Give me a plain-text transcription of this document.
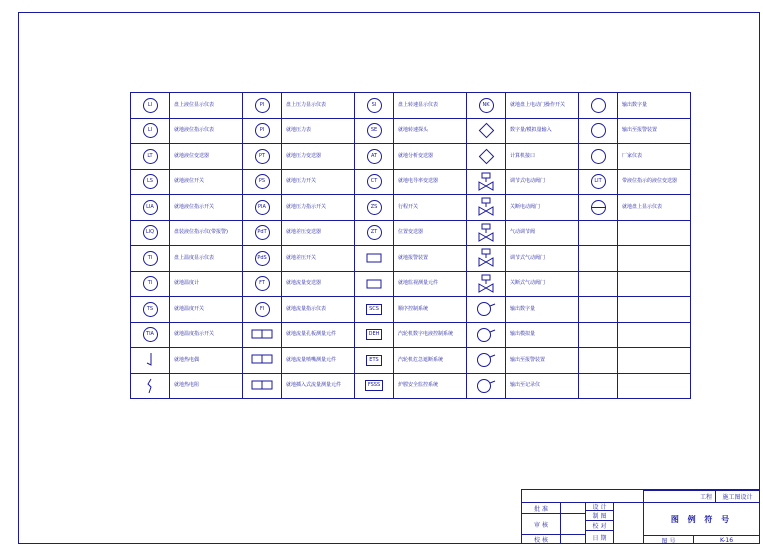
LI	盘上液位显示仪表	PI	盘上压力显示仪表	SI	盘上转速显示仪表	NK	就地盘上电动门操作开关		输出数字量
LI	就地液位指示仪表	PI	就地压力表	SE	就地转速探头		数字量/模拟量输入		输出至报警装置
LT	就地液位变送器	PT	就地压力变送器	AT	就地分析变送器		计算机接口		厂家仪表
LS	就地液位开关	PS	就地压力开关	CT	就地电导率变送器		调节式电动阀门	LIT	带液位指示的液位变送器
LIA	就地液位指示开关	PIA	就地压力指示开关	ZS	行程开关		关断电动阀门		就地盘上显示仪表
LIQ	盘装液位指示仪(带报警)	PdT	就地差压变送器	ZT	位置变送器		气动调节阀		
TI	盘上温度显示仪表	PdS	就地差压开关		就地报警装置		调节式气动阀门		
TI	就地温度计	FT	就地流量变送器		就地监视测量元件		关断式气动阀门		
TS	就地温度开关	FI	就地流量指示仪表	SCS	顺序控制系统		输出数字量		
TIA	就地温度指示开关		就地流量孔板测量元件	DEH	汽轮机数字电液控制系统		输出模拟量		
	就地热电偶		就地流量喷嘴测量元件	ETS	汽轮机危急遮断系统		输出至报警装置		
	就地热电阻		就地插入式流量测量元件	FSSS	炉膛安全监控系统		输出至记录仪		
批 准
审 核
校 核
设 计
制 图
校 对
日 期
工程	施工图设计
图 例 符 号
图 号	K-16
